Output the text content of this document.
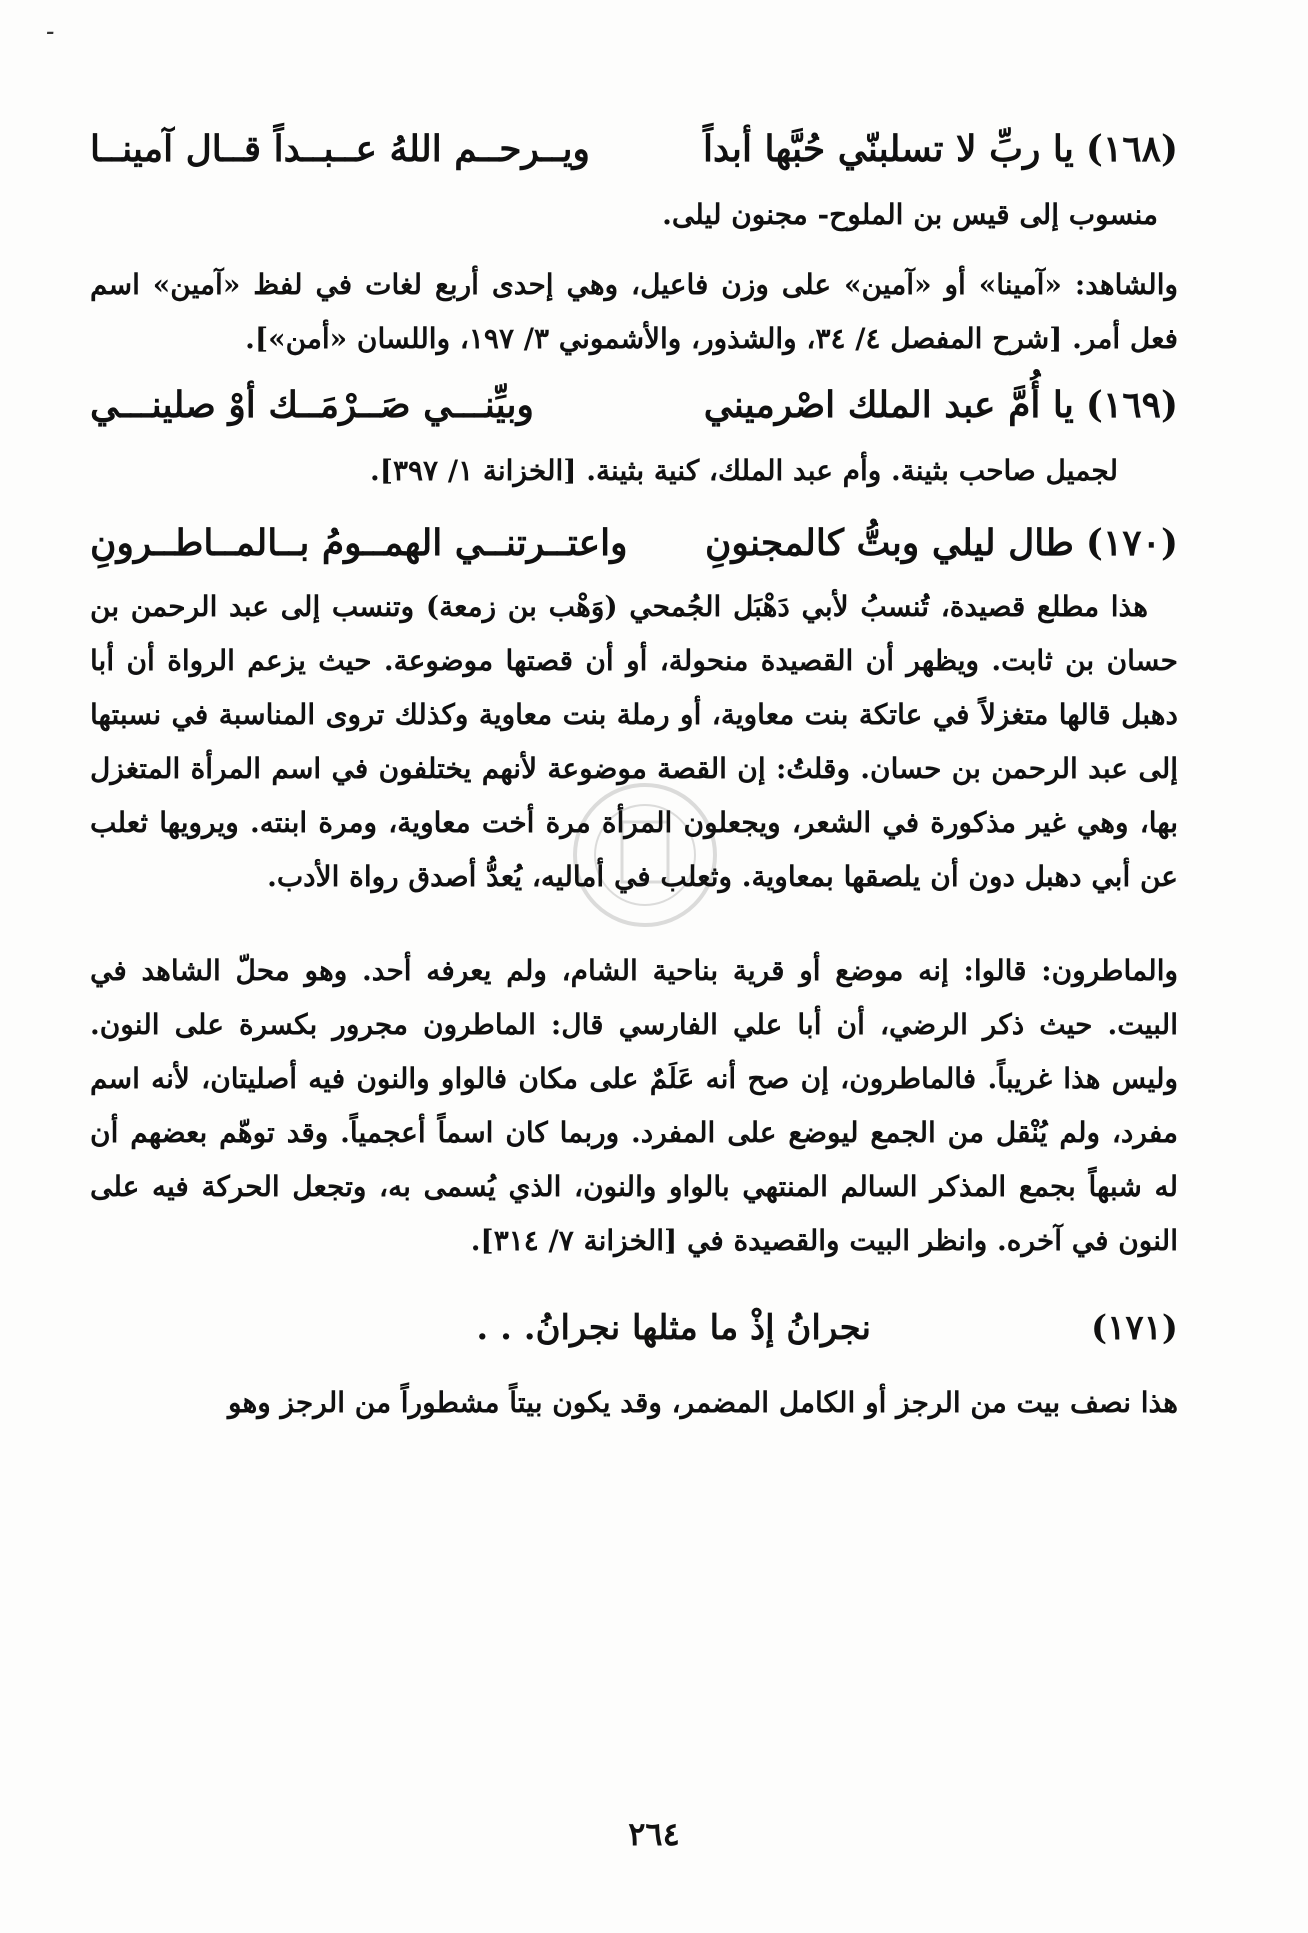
۔
(١٦٨)
يا ربِّ لا تسلبنّي حُبَّها أبداً
ويــرحــم اللهُ عــبــداً قــال آمينــا
منسوب إلى قيس بن الملوح- مجنون ليلى.
والشاهد: «آمينا» أو «آمين» على وزن فاعيل، وهي إحدى أربع لغات في لفظ «آمين» اسم فعل أمر. [شرح المفصل ٤/ ٣٤، والشذور، والأشموني ٣/ ١٩٧، واللسان «أمن»].
(١٦٩)
يا أُمَّ عبد الملك اصْرميني
وبيِّنـــي صَــرْمَــك أوْ صلينـــي
لجميل صاحب بثينة. وأم عبد الملك، كنية بثينة. [الخزانة ١/ ٣٩٧].
(١٧٠)
طال ليلي وبتُّ كالمجنونِ
واعتــرتنــي الهمــومُ بــالمــاطــرونِ
هذا مطلع قصيدة، تُنسبُ لأبي دَهْبَل الجُمحي (وَهْب بن زمعة) وتنسب إلى عبد الرحمن بن حسان بن ثابت. ويظهر أن القصيدة منحولة، أو أن قصتها موضوعة. حيث يزعم الرواة أن أبا دهبل قالها متغزلاً في عاتكة بنت معاوية، أو رملة بنت معاوية وكذلك تروى المناسبة في نسبتها إلى عبد الرحمن بن حسان. وقلتُ: إن القصة موضوعة لأنهم يختلفون في اسم المرأة المتغزل بها، وهي غير مذكورة في الشعر، ويجعلون المرأة مرة أخت معاوية، ومرة ابنته. ويرويها ثعلب عن أبي دهبل دون أن يلصقها بمعاوية. وثعلب في أماليه، يُعدُّ أصدق رواة الأدب.
والماطرون: قالوا: إنه موضع أو قرية بناحية الشام، ولم يعرفه أحد. وهو محلّ الشاهد في البيت. حيث ذكر الرضي، أن أبا علي الفارسي قال: الماطرون مجرور بكسرة على النون. وليس هذا غريباً. فالماطرون، إن صح أنه عَلَمٌ على مكان فالواو والنون فيه أصليتان، لأنه اسم مفرد، ولم يُنْقل من الجمع ليوضع على المفرد. وربما كان اسماً أعجمياً. وقد توهّم بعضهم أن له شبهاً بجمع المذكر السالم المنتهي بالواو والنون، الذي يُسمى به، وتجعل الحركة فيه على النون في آخره. وانظر البيت والقصيدة في [الخزانة ٧/ ٣١٤].
(١٧١)
نجرانُ إذْ ما مثلها نجرانُ. . .
هذا نصف بيت من الرجز أو الكامل المضمر، وقد يكون بيتاً مشطوراً من الرجز وهو
٢٦٤
